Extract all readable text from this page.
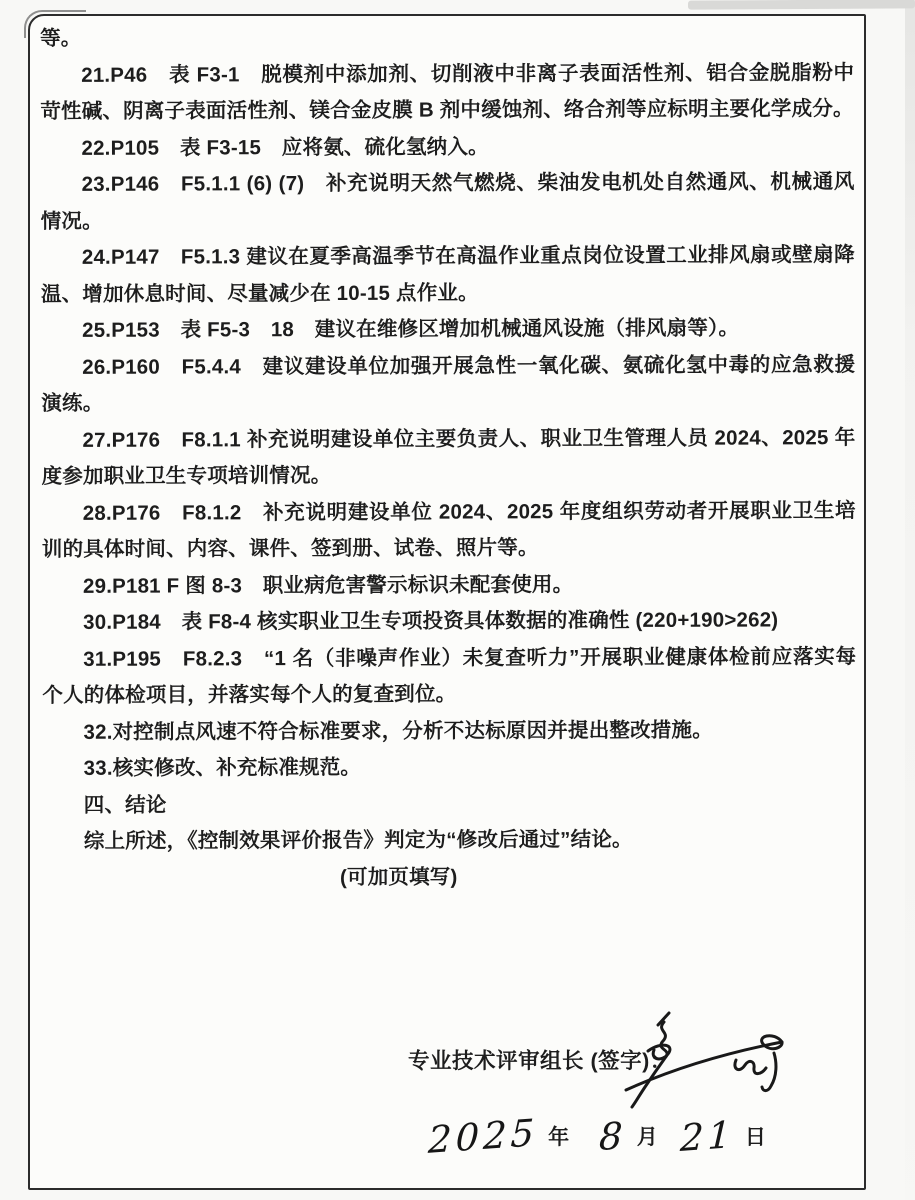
等。

21.P46　表 F3-1　脱模剂中添加剂、切削液中非离子表面活性剂、铝合金脱脂粉中苛性碱、阴离子表面活性剂、镁合金皮膜 B 剂中缓蚀剂、络合剂等应标明主要化学成分。

22.P105　表 F3-15　应将氨、硫化氢纳入。

23.P146　F5.1.1 (6) (7)　补充说明天然气燃烧、柴油发电机处自然通风、机械通风情况。

24.P147　F5.1.3 建议在夏季高温季节在高温作业重点岗位设置工业排风扇或壁扇降温、增加休息时间、尽量减少在 10-15 点作业。

25.P153　表 F5-3　18　建议在维修区增加机械通风设施（排风扇等）。

26.P160　F5.4.4　建议建设单位加强开展急性一氧化碳、氨硫化氢中毒的应急救援演练。

27.P176　F8.1.1 补充说明建设单位主要负责人、职业卫生管理人员 2024、2025 年度参加职业卫生专项培训情况。

28.P176　F8.1.2　补充说明建设单位 2024、2025 年度组织劳动者开展职业卫生培训的具体时间、内容、课件、签到册、试卷、照片等。

29.P181 F 图 8-3　职业病危害警示标识未配套使用。

30.P184　表 F8-4 核实职业卫生专项投资具体数据的准确性 (220+190>262)

31.P195　F8.2.3　“1 名（非噪声作业）未复查听力”开展职业健康体检前应落实每个人的体检项目，并落实每个人的复查到位。

32.对控制点风速不符合标准要求，分析不达标原因并提出整改措施。

33.核实修改、补充标准规范。

四、结论

综上所述，《控制效果评价报告》判定为“修改后通过”结论。

(可加页填写)

专业技术评审组长 (签字)：
2025 年 8 月 21 日
